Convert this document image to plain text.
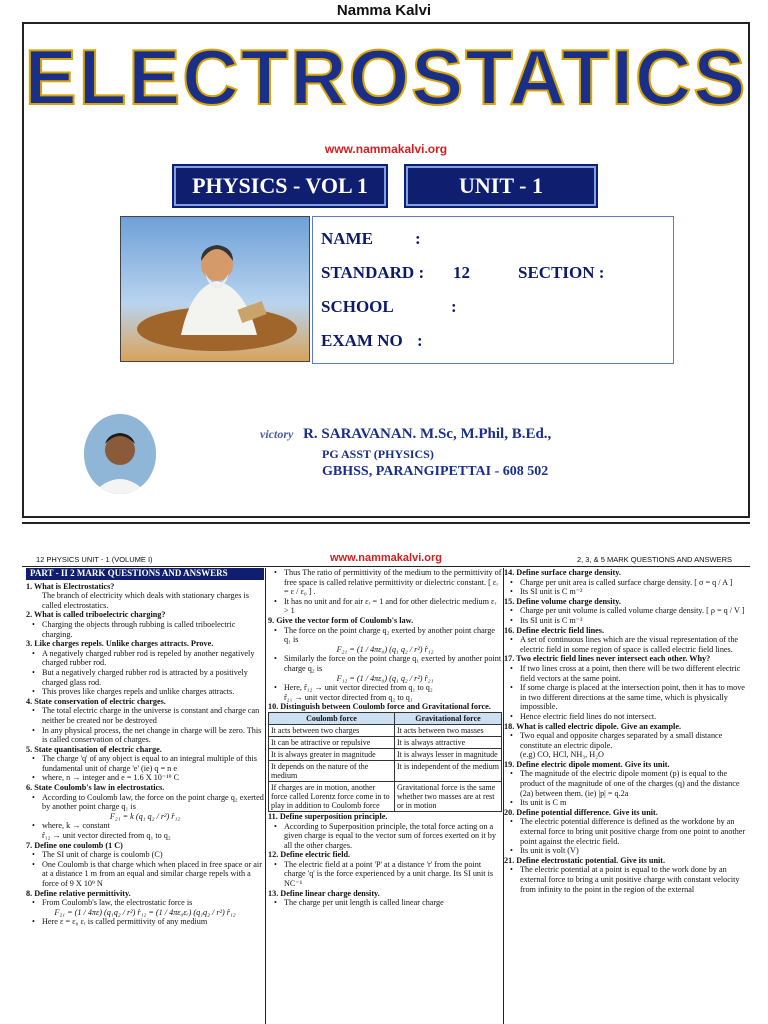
Namma Kalvi
ELECTROSTATICS
www.nammakalvi.org
PHYSICS - VOL 1	UNIT - 1
NAME :
STANDARD : 12	SECTION :
SCHOOL	:
EXAM NO :
victory R. SARAVANAN. M.Sc, M.Phil, B.Ed.,
PG ASST (PHYSICS)
GBHSS, PARANGIPETTAI - 608 502
12 PHYSICS UNIT - 1 (VOLUME I)	www.nammakalvi.org	2, 3, & 5 MARK QUESTIONS AND ANSWERS
PART - II 2 MARK QUESTIONS AND ANSWERS

1. What is Electrostatics?

The branch of electricity which deals with stationary charges is called electrostatics.

2. What is called triboelectric charging?

• Charging the objects through rubbing is called triboelectric charging.

3. Like charges repels. Unlike charges attracts. Prove.

• A negatively charged rubber rod is repeled by another negatively charged rubber rod.

• But a negatively charged rubber rod is attracted by a positively charged glass rod.

• This proves like charges repels and unlike charges attracts.

4. State conservation of electric charges.

• The total electric charge in the universe is constant and charge can neither be created nor be destroyed

• In any physical process, the net change in charge will be zero. This is called conservation of charges.

5. State quantisation of electric charge.

• The charge 'q' of any object is equal to an integral multiple of this fundamental unit of charge 'e' (ie) q = n e

• where, n → integer and e = 1.6 X 10⁻¹⁹ C

6. State Coulomb's law in electrostatics.

• According to Coulomb law, the force on the point charge q₂ exerted by another point charge q₁ is

F₂₁ = k (q₁ q₂ / r²) r̂₁₂

• where, k → constant

r̂₁₂ → unit vector directed from q₁ to q₂

7. Define one coulomb (1 C)

• The SI unit of charge is coulomb (C)

• One Coulomb is that charge which when placed in free space or air at a distance 1 m from an equal and similar charge repels with a force of 9 X 10⁹ N

8. Define relative permittivity.

• From Coulomb's law, the electrostatic force is

F₂₁ = (1 / 4πε) (q₁q₂ / r²) r̂₁₂ = (1 / 4πε₀εᵣ) (q₁q₂ / r²) r̂₁₂

• Here ε = ε₀ εᵣ is called permittivity of any medium

• Thus The ratio of permittivity of the medium to the permittivity of free space is called relative permittivity or dielectric constant. [ εᵣ = ε / ε₀ ] .

• It has no unit and for air εᵣ = 1 and for other dielectric medium εᵣ > 1

9. Give the vector form of Coulomb's law.

• The force on the point charge q₂ exerted by another point charge q₁ is

F₂₁ = (1 / 4πε₀) (q₁ q₂ / r²) r̂₁₂

• Similarly the force on the point charge q₁ exerted by another point charge q₂ is

F₁₂ = (1 / 4πε₀) (q₁ q₂ / r²) r̂₂₁

• Here, r̂₁₂ → unit vector directed from q₁ to q₂

r̂₂₁ → unit vector directed from q₂ to q₁

10. Distinguish between Coulomb force and Gravitational force.

Coulomb force	Gravitational force
It acts between two charges	It acts between two masses
It can be attractive or repulsive	It is always attractive
It is always greater in magnitude	It is always lesser in magnitude
It depends on the nature of the medium	It is independent of the medium
If charges are in motion, another force called Lorentz force come in to play in addition to Coulomb force	Gravitational force is the same whether two masses are at rest or in motion

11. Define superposition principle.

• According to Superposition principle, the total force acting on a given charge is equal to the vector sum of forces exerted on it by all the other charges.

12. Define electric field.

• The electric field at a point 'P' at a distance 'r' from the point charge 'q' is the force experienced by a unit charge. Its SI unit is NC⁻¹

13. Define linear charge density.

• The charge per unit length is called linear charge

14. Define surface charge density.

• Charge per unit area is called surface charge density. [ σ = q / A ]

• Its SI unit is C m⁻²

15. Define volume charge density.

• Charge per unit volume is called volume charge density. [ ρ = q / V ]

• Its SI unit is C m⁻³

16. Define electric field lines.

• A set of continuous lines which are the visual representation of the electric field in some region of space is called electric field lines.

17. Two electric field lines never intersect each other. Why?

• If two lines cross at a point, then there will be two different electric field vectors at the same point.

• If some charge is placed at the intersection point, then it has to move in two different directions at the same time, which is physically impossible.

• Hence electric field lines do not intersect.

18. What is called electric dipole. Give an example.

• Two equal and opposite charges separated by a small distance constitute an electric dipole.

(e.g) CO, HCl, NH₃, H₂O

19. Define electric dipole moment. Give its unit.

• The magnitude of the electric dipole moment (p) is equal to the product of the magnitude of one of the charges (q) and the distance (2a) between them. (ie) |p| = q.2a

• Its unit is C m

20. Define potential difference. Give its unit.

• The electric potential difference is defined as the workdone by an external force to bring unit positive charge from one point to another point against the electric field.

• Its unit is volt (V)

21. Define electrostatic potential. Give its unit.

• The electric potential at a point is equal to the work done by an external force to bring a unit positive charge with constant velocity from infinity to the point in the region of the external
